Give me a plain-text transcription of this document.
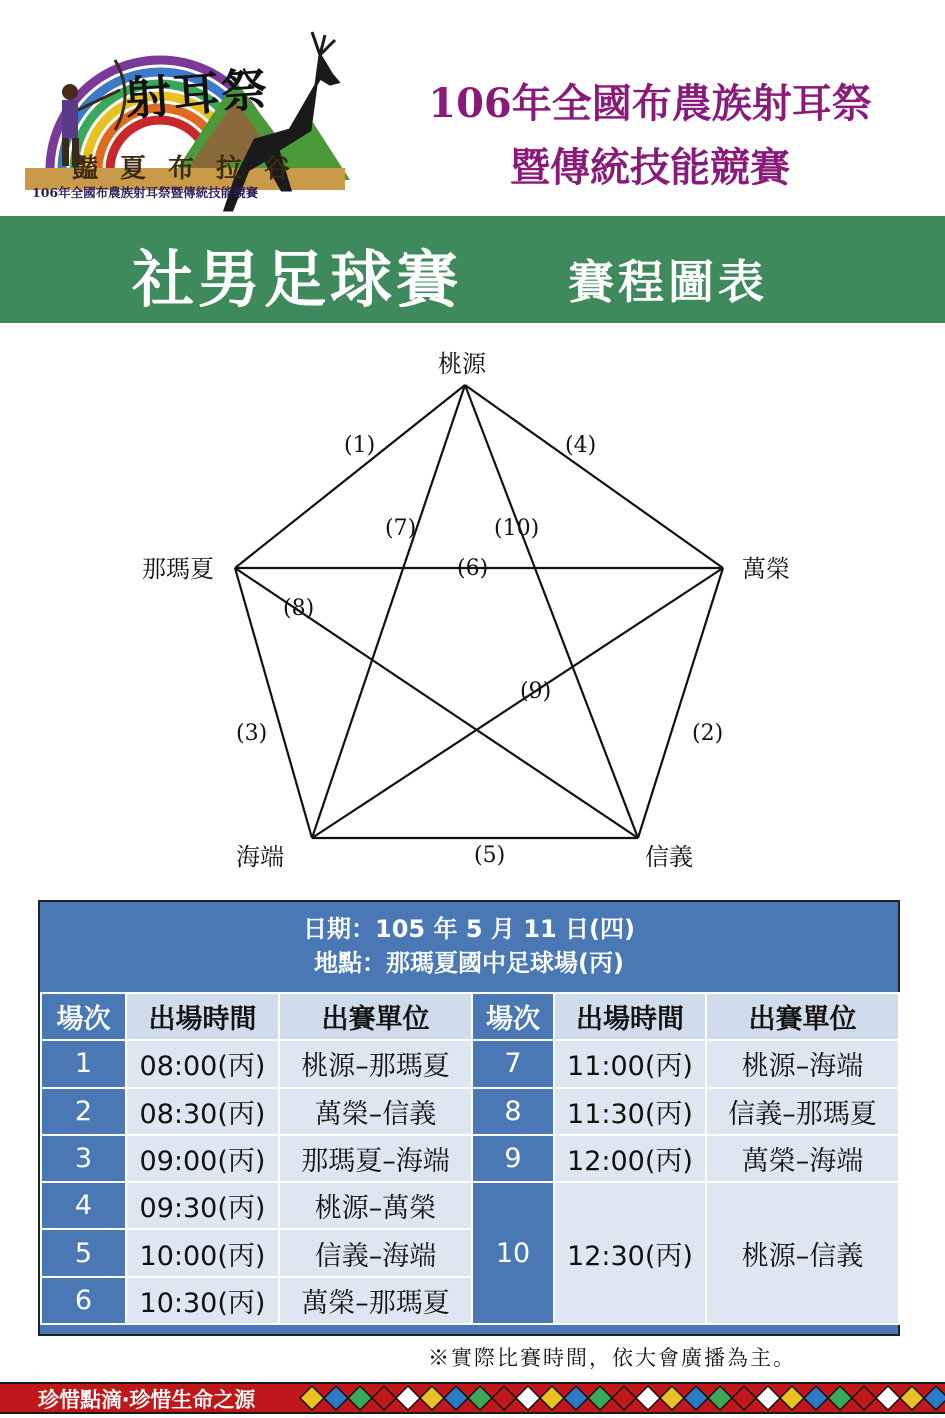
射耳祭
豔夏布拉谷
106年全國布農族射耳祭暨傳統技能競賽
106年全國布農族射耳祭
暨傳統技能競賽
社男足球賽 賽程圖表
桃源
萬榮
信義
海端
那瑪夏
(1)
(2)
(3)
(4)
(5)
(6)
(7)
(8)
(9)
(10)
日期：105 年 5 月 11 日(四)
地點：那瑪夏國中足球場(丙)
場次	出場時間	出賽單位	場次	出場時間	出賽單位
1	08:00(丙)	桃源–那瑪夏	7	11:00(丙)	桃源–海端
2	08:30(丙)	萬榮–信義	8	11:30(丙)	信義–那瑪夏
3	09:00(丙)	那瑪夏–海端	9	12:00(丙)	萬榮–海端
4	09:30(丙)	桃源–萬榮	10	12:30(丙)	桃源–信義
5	10:00(丙)	信義–海端			
6	10:30(丙)	萬榮–那瑪夏			
※實際比賽時間，依大會廣播為主。
珍惜點滴‧珍惜生命之源
